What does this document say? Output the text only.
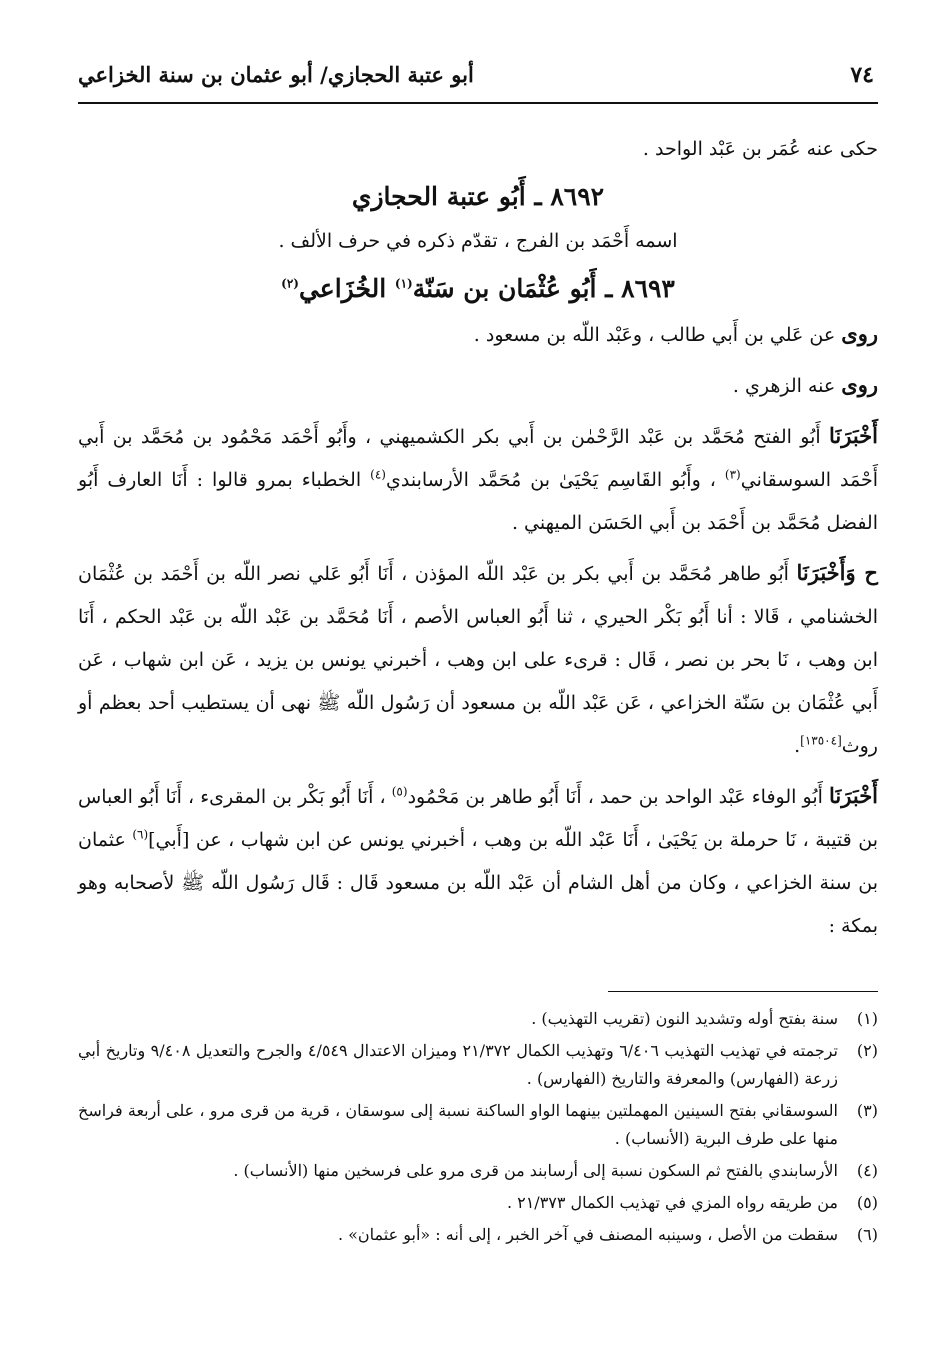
أبو عتبة الحجازي/ أبو عثمان بن سنة الخزاعي	٧٤

حكى عنه عُمَر بن عَبْد الواحد .

٨٦٩٢ ـ أَبُو عتبة الحجازي

اسمه أَحْمَد بن الفرج ، تقدّم ذكره في حرف الألف .

٨٦٩٣ ـ أَبُو عُثْمَان بن سَنّة$^{(١)}$ الخُزَاعي$^{(٢)}$

روى عن عَلي بن أَبي طالب ، وعَبْد اللّه بن مسعود .

روى عنه الزهري .

أَخْبَرَنَا أَبُو الفتح مُحَمَّد بن عَبْد الرَّحْمٰن بن أَبي بكر الكشميهني ، وأَبُو أَحْمَد مَحْمُود بن مُحَمَّد بن أَبي أَحْمَد السوسقاني$^{(٣)}$ ، وأَبُو القَاسِم يَحْيَىٰ بن مُحَمَّد الأرسابندي$^{(٤)}$ الخطباء بمرو قالوا : أَنَا العارف أَبُو الفضل مُحَمَّد بن أَحْمَد بن أَبي الحَسَن الميهني .

ح وَأَخْبَرَنَا أَبُو طاهر مُحَمَّد بن أَبي بكر بن عَبْد اللّه المؤذن ، أَنَا أَبُو عَلي نصر اللّه بن أَحْمَد بن عُثْمَان الخشنامي ، قَالا : أنا أَبُو بَكْر الحيري ، ثنا أَبُو العباس الأصم ، أَنَا مُحَمَّد بن عَبْد اللّه بن عَبْد الحكم ، أَنَا ابن وهب ، نَا بحر بن نصر ، قَال : قرىء على ابن وهب ، أخبرني يونس بن يزيد ، عَن ابن شهاب ، عَن أَبي عُثْمَان بن سَنّة الخزاعي ، عَن عَبْد اللّه بن مسعود أن رَسُول اللّه ﷺ نهى أن يستطيب أحد بعظم أو روث[١٣٥٠٤].

أَخْبَرَنَا أَبُو الوفاء عَبْد الواحد بن حمد ، أَنَا أَبُو طاهر بن مَحْمُود$^{(٥)}$ ، أَنَا أَبُو بَكْر بن المقرىء ، أَنَا أَبُو العباس بن قتيبة ، نَا حرملة بن يَحْيَىٰ ، أَنَا عَبْد اللّه بن وهب ، أخبرني يونس عن ابن شهاب ، عن [أَبي]$^{(٦)}$ عثمان بن سنة الخزاعي ، وكان من أهل الشام أن عَبْد اللّه بن مسعود قَال : قَال رَسُول اللّه ﷺ لأصحابه وهو بمكة :

(١)
سنة بفتح أوله وتشديد النون (تقريب التهذيب) .
(٢)
ترجمته في تهذيب التهذيب ٦/٤٠٦ وتهذيب الكمال ٢١/٣٧٢ وميزان الاعتدال ٤/٥٤٩ والجرح والتعديل ٩/٤٠٨ وتاريخ أبي زرعة (الفهارس) والمعرفة والتاريخ (الفهارس) .
(٣)
السوسقاني بفتح السينين المهملتين بينهما الواو الساكنة نسبة إلى سوسقان ، قرية من قرى مرو ، على أربعة فراسخ منها على طرف البرية (الأنساب) .
(٤)
الأرسابندي بالفتح ثم السكون نسبة إلى أرسابند من قرى مرو على فرسخين منها (الأنساب) .
(٥)
من طريقه رواه المزي في تهذيب الكمال ٢١/٣٧٣ .
(٦)
سقطت من الأصل ، وسينبه المصنف في آخر الخبر ، إلى أنه : «أبو عثمان» .
